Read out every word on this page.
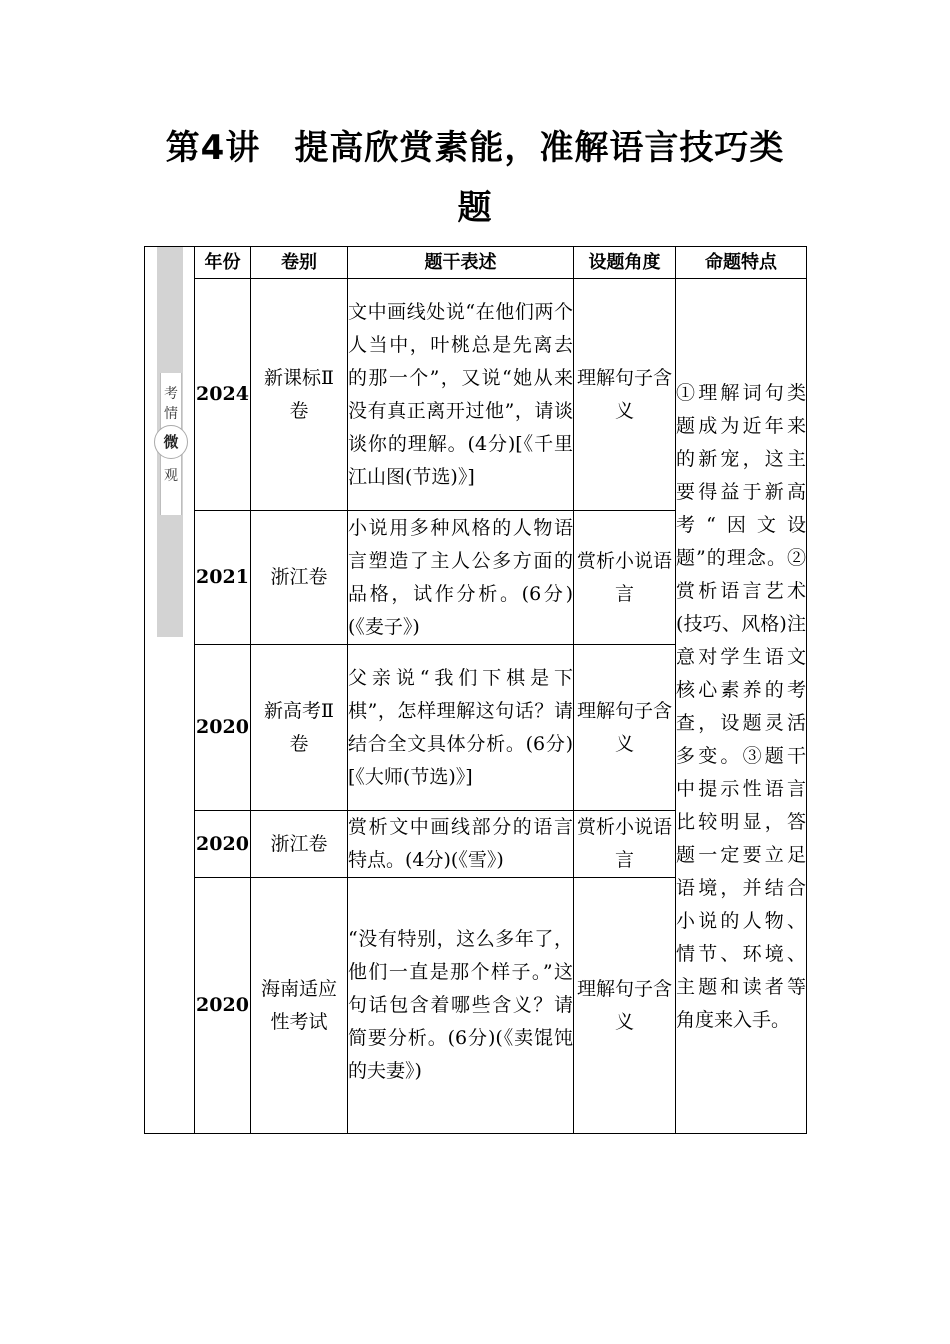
第4讲 提高欣赏素能，准解语言技巧类
题
考
情
微
观	年份	卷别	题干表述	设题角度	命题特点
	2024	新课标Ⅱ卷	文中画线处说“在他们两个人当中，叶桃总是先离去的那一个”，又说“她从来没有真正离开过他”，请谈谈你的理解。(4分)[《千里江山图(节选)》]	理解句子含义	①理解词句类题成为近年来的新宠，这主要得益于新高考“因文设题”的理念。②赏析语言艺术(技巧、风格)注意对学生语文核心素养的考查，设题灵活多变。③题干中提示性语言比较明显，答题一定要立足语境，并结合小说的人物、情节、环境、主题和读者等角度来入手。

	2021	浙江卷	小说用多种风格的人物语言塑造了主人公多方面的品格，试作分析。(6分)(《麦子》)	赏析小说语言	
	2020	新高考Ⅱ卷	父亲说“我们下棋是下棋”，怎样理解这句话？请结合全文具体分析。(6分)[《大师(节选)》]	理解句子含义	
	2020	浙江卷	赏析文中画线部分的语言特点。(4分)(《雪》)	赏析小说语言	
	2020	海南适应性考试	“没有特别，这么多年了，他们一直是那个样子。”这句话包含着哪些含义？请简要分析。(6分)(《卖馄饨的夫妻》)	理解句子含义	
